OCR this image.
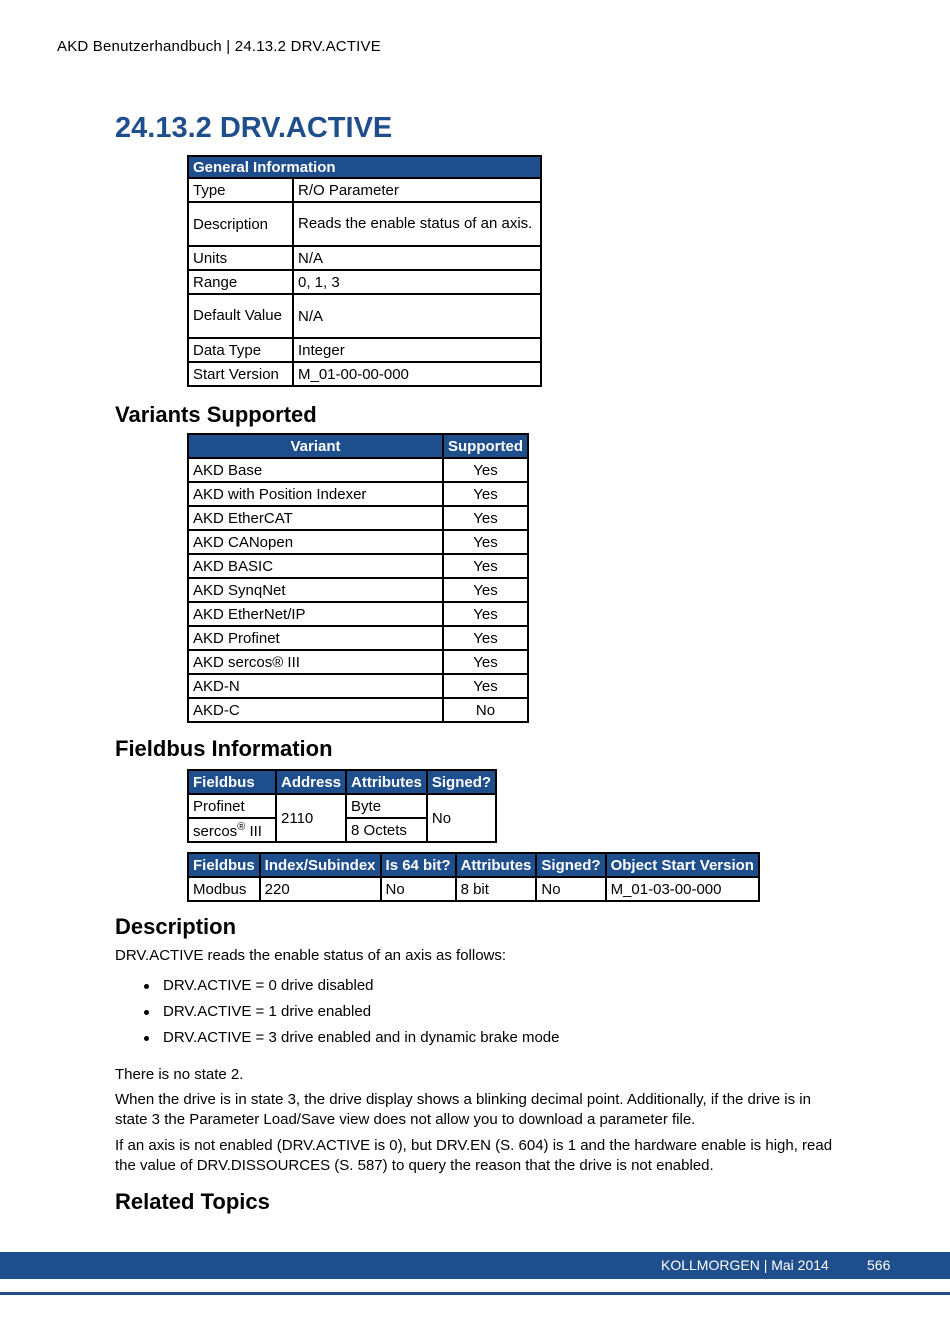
AKD Benutzerhandbuch | 24.13.2 DRV.ACTIVE
24.13.2 DRV.ACTIVE
General Information	
Type	R/O Parameter
Description	Reads the enable status of an axis.
Units	N/A
Range	0, 1, 3
Default Value	N/A
Data Type	Integer
Start Version	M_01-00-00-000
Variants Supported
Variant	Supported
AKD Base	Yes
AKD with Position Indexer	Yes
AKD EtherCAT	Yes
AKD CANopen	Yes
AKD BASIC	Yes
AKD SynqNet	Yes
AKD EtherNet/IP	Yes
AKD Profinet	Yes
AKD sercos® III	Yes
AKD-N	Yes
AKD-C	No
Fieldbus Information
Fieldbus	Address	Attributes	Signed?
Profinet	2110	Byte	No
sercos® III		8 Octets	
Fieldbus	Index/Subindex	Is 64 bit?	Attributes	Signed?	Object Start Version
Modbus	220	No	8 bit	No	M_01-03-00-000
Description

DRV.ACTIVE reads the enable status of an axis as follows:

DRV.ACTIVE = 0 drive disabled
DRV.ACTIVE = 1 drive enabled
DRV.ACTIVE = 3 drive enabled and in dynamic brake mode

There is no state 2.

When the drive is in state 3, the drive display shows a blinking decimal point. Additionally, if the drive is in state 3 the Parameter Load/Save view does not allow you to download a parameter file.

If an axis is not enabled (DRV.ACTIVE is 0), but DRV.EN (S. 604) is 1 and the hardware enable is high, read the value of DRV.DISSOURCES (S. 587) to query the reason that the drive is not enabled.

Related Topics
KOLLMORGEN | Mai 2014	566
